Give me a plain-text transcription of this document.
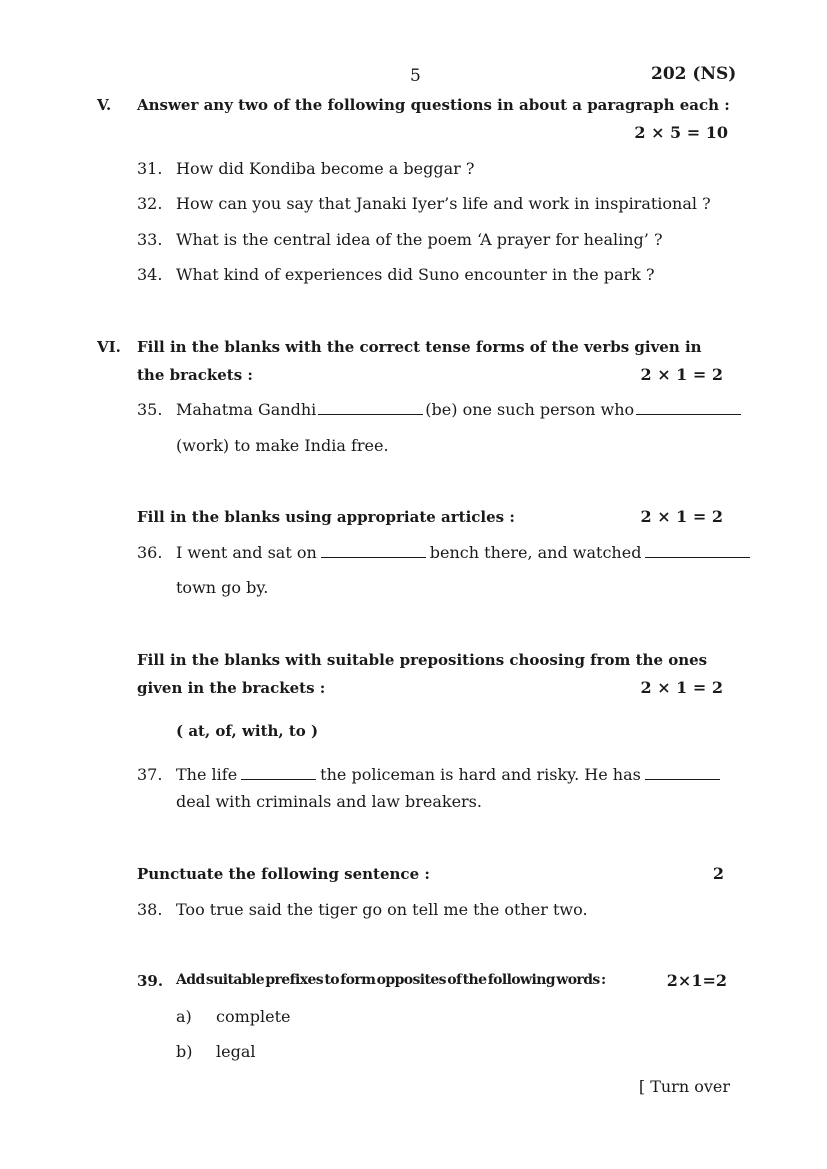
5	202 (NS)
V. Answer any two of the following questions in about a paragraph each :
2 × 5 = 10
31. How did Kondiba become a beggar ?
32. How can you say that Janaki Iyer’s life and work in inspirational ?
33. What is the central idea of the poem ‘A prayer for healing’ ?
34. What kind of experiences did Suno encounter in the park ?
VI. Fill in the blanks with the correct tense forms of the verbs given in
the brackets :	2 × 1 = 2
35. Mahatma Gandhi	(be) one such person who
(work) to make India free.
Fill in the blanks using appropriate articles :	2 × 1 = 2
36. I went and sat on	bench there, and watched
town go by.
Fill in the blanks with suitable prepositions choosing from the ones
given in the brackets :	2 × 1 = 2
( at, of, with, to )
37. The life	the policeman is hard and risky. He has
deal with criminals and law breakers.
Punctuate the following sentence :	2
38. Too true said the tiger go on tell me the other two.
39. Add suitable prefixes to form opposites of the following words :	2×1=2
a) complete
b) legal
[ Turn over
